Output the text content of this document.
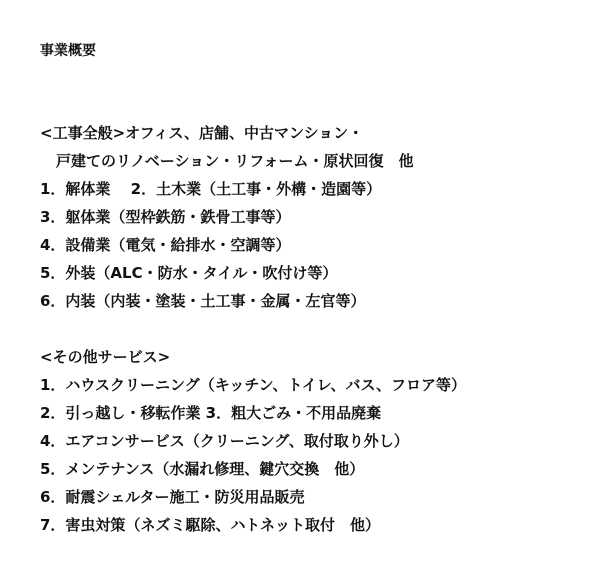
事業概要
<工事全般>オフィス、店舗、中古マンション・
戸建てのリノベーション・リフォーム・原状回復　他
1．解体業　 2．土木業（土工事・外構・造園等）
3．躯体業（型枠鉄筋・鉄骨工事等）
4．設備業（電気・給排水・空調等）
5．外装（ALC・防水・タイル・吹付け等）
6．内装（内装・塗装・土工事・金属・左官等）
<その他サービス>
1．ハウスクリーニング（キッチン、トイレ、バス、フロア等）
2．引っ越し・移転作業 3．粗大ごみ・不用品廃棄
4．エアコンサービス（クリーニング、取付取り外し）
5．メンテナンス（水漏れ修理、鍵穴交換　他）
6．耐震シェルター施工・防災用品販売
7．害虫対策（ネズミ駆除、ハトネット取付　他）
